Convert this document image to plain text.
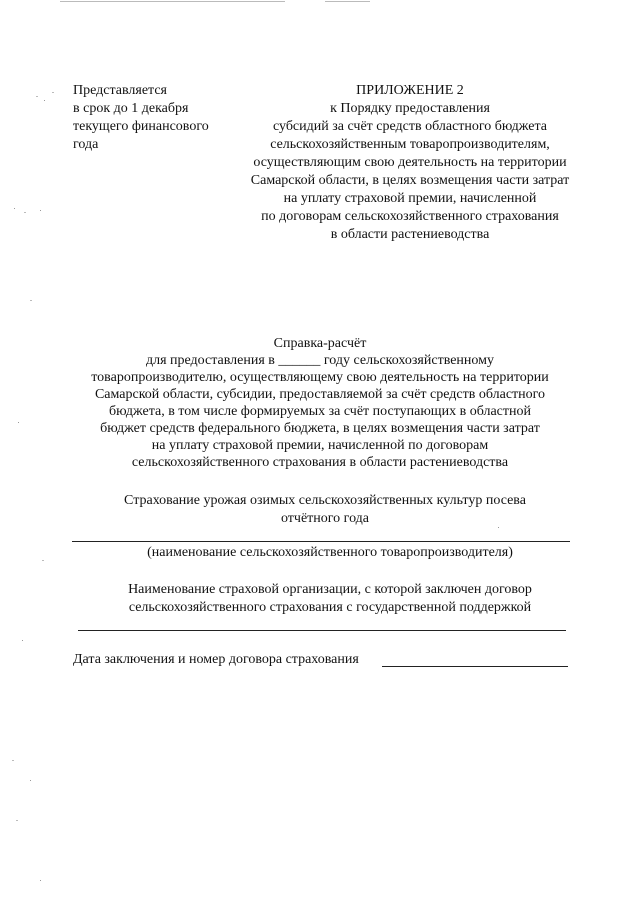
Представляется
в срок до 1 декабря
текущего финансового
года
ПРИЛОЖЕНИЕ 2
к Порядку предоставления
субсидий за счёт средств областного бюджета
сельскохозяйственным товаропроизводителям,
осуществляющим свою деятельность на территории
Самарской области, в целях возмещения части затрат
на уплату страховой премии, начисленной
по договорам сельскохозяйственного страхования
в области растениеводства
Справка-расчёт
для предоставления в ______ году сельскохозяйственному
товаропроизводителю, осуществляющему свою деятельность на территории
Самарской области, субсидии, предоставляемой за счёт средств областного
бюджета, в том числе формируемых за счёт поступающих в областной
бюджет средств федерального бюджета, в целях возмещения части затрат
на уплату страховой премии, начисленной по договорам
сельскохозяйственного страхования в области растениеводства
Страхование урожая озимых сельскохозяйственных культур посева
отчётного года
(наименование сельскохозяйственного товаропроизводителя)
Наименование страховой организации, с которой заключен договор
сельскохозяйственного страхования с государственной поддержкой
Дата заключения и номер договора страхования
